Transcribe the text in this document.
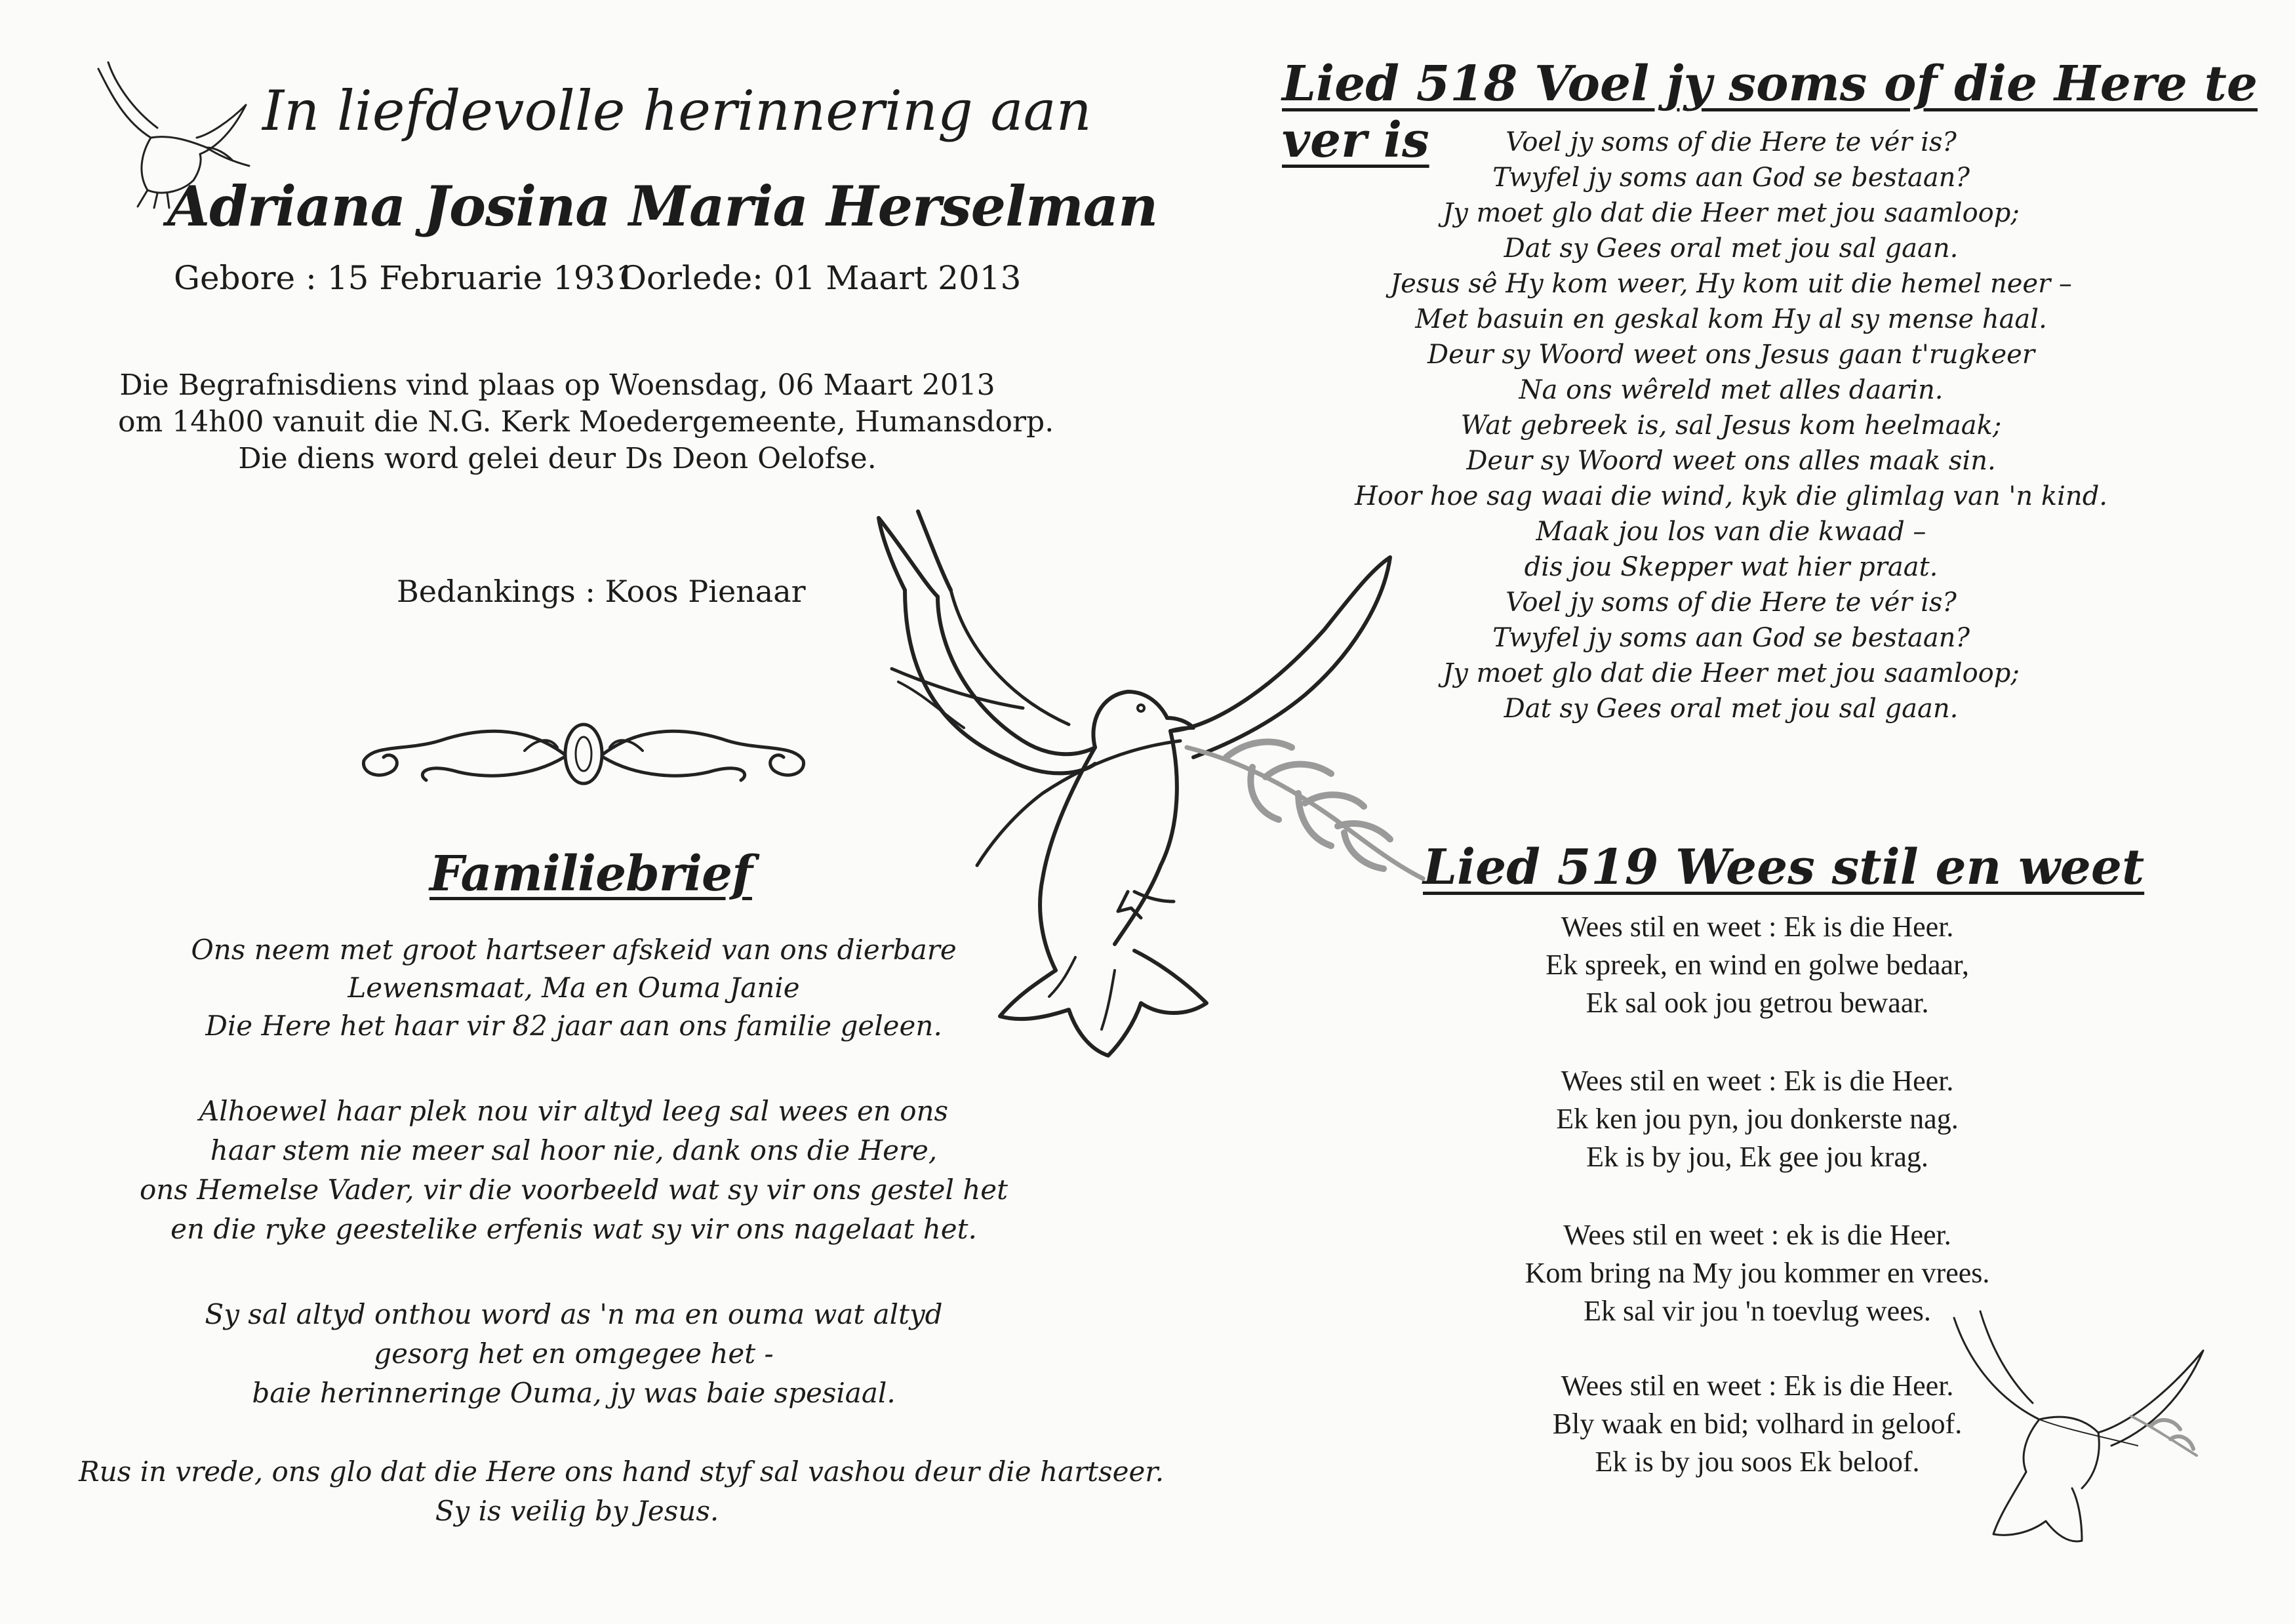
In liefdevolle herinnering aan
Adriana Josina Maria Herselman
Gebore : 15 Februarie 1931
Oorlede: 01 Maart 2013
Die Begrafnisdiens vind plaas op Woensdag, 06 Maart 2013
om 14h00 vanuit die N.G. Kerk Moedergemeente, Humansdorp.
Die diens word gelei deur Ds Deon Oelofse.
Bedankings : Koos Pienaar
Familiebrief
Ons neem met groot hartseer afskeid van ons dierbare
Lewensmaat, Ma en Ouma Janie
Die Here het haar vir 82 jaar aan ons familie geleen.
Alhoewel haar plek nou vir altyd leeg sal wees en ons
haar stem nie meer sal hoor nie, dank ons die Here,
ons Hemelse Vader, vir die voorbeeld wat sy vir ons gestel het
en die ryke geestelike erfenis wat sy vir ons nagelaat het.
Sy sal altyd onthou word as 'n ma en ouma wat altyd
gesorg het en omgegee het -
baie herinneringe Ouma, jy was baie spesiaal.
Rus in vrede, ons glo dat die Here ons hand styf sal vashou deur die hartseer.
Sy is veilig by Jesus.
Lied 518 Voel jy soms of die Here te ver is	Voel jy soms of die Here te vér is?
Twyfel jy soms aan God se bestaan?
Jy moet glo dat die Heer met jou saamloop;
Dat sy Gees oral met jou sal gaan.
Jesus sê Hy kom weer, Hy kom uit die hemel neer –
Met basuin en geskal kom Hy al sy mense haal.
Deur sy Woord weet ons Jesus gaan t'rugkeer
Na ons wêreld met alles daarin.
Wat gebreek is, sal Jesus kom heelmaak;
Deur sy Woord weet ons alles maak sin.
Hoor hoe sag waai die wind, kyk die glimlag van 'n kind.
Maak jou los van die kwaad –
dis jou Skepper wat hier praat.
Voel jy soms of die Here te vér is?
Twyfel jy soms aan God se bestaan?
Jy moet glo dat die Heer met jou saamloop;
Dat sy Gees oral met jou sal gaan.
Lied 519 Wees stil en weet
Wees stil en weet : Ek is die Heer.
Ek spreek, en wind en golwe bedaar,
Ek sal ook jou getrou bewaar.
Wees stil en weet : Ek is die Heer.
Ek ken jou pyn, jou donkerste nag.
Ek is by jou, Ek gee jou krag.
Wees stil en weet : ek is die Heer.
Kom bring na My jou kommer en vrees.
Ek sal vir jou 'n toevlug wees.
Wees stil en weet : Ek is die Heer.
Bly waak en bid; volhard in geloof.
Ek is by jou soos Ek beloof.
